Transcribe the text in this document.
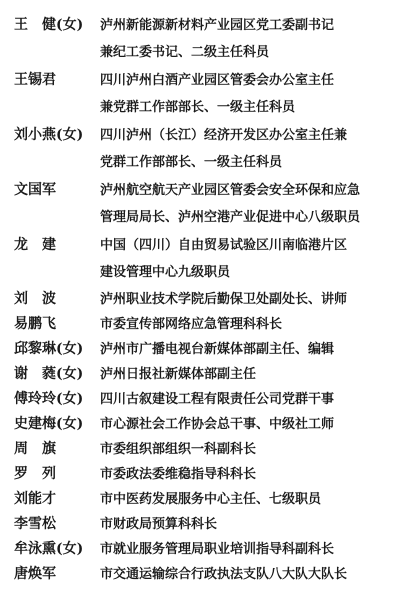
王　健(女)	泸州新能源新材料产业园区党工委副书记
兼纪工委书记、二级主任科员
王锡君	四川泸州白酒产业园区管委会办公室主任
兼党群工作部部长、一级主任科员
刘小燕(女)	四川泸州（长江）经济开发区办公室主任兼
党群工作部部长、一级主任科员
文国军	泸州航空航天产业园区管委会安全环保和应急
管理局局长、泸州空港产业促进中心八级职员
龙　建	中国（四川）自由贸易试验区川南临港片区
建设管理中心九级职员
刘　波	泸州职业技术学院后勤保卫处副处长、讲师
易鹏飞	市委宣传部网络应急管理科科长
邱黎琳(女)	泸州市广播电视台新媒体部副主任、编辑
谢　蕤(女)	泸州日报社新媒体部副主任
傅玲玲(女)	四川古叙建设工程有限责任公司党群干事
史建梅(女)	市心源社会工作协会总干事、中级社工师
周　旗	市委组织部组织一科副科长
罗　列	市委政法委维稳指导科科长
刘能才	市中医药发展服务中心主任、七级职员
李雪松	市财政局预算科科长
牟泳熏(女)	市就业服务管理局职业培训指导科副科长
唐焕军	市交通运输综合行政执法支队八大队大队长
